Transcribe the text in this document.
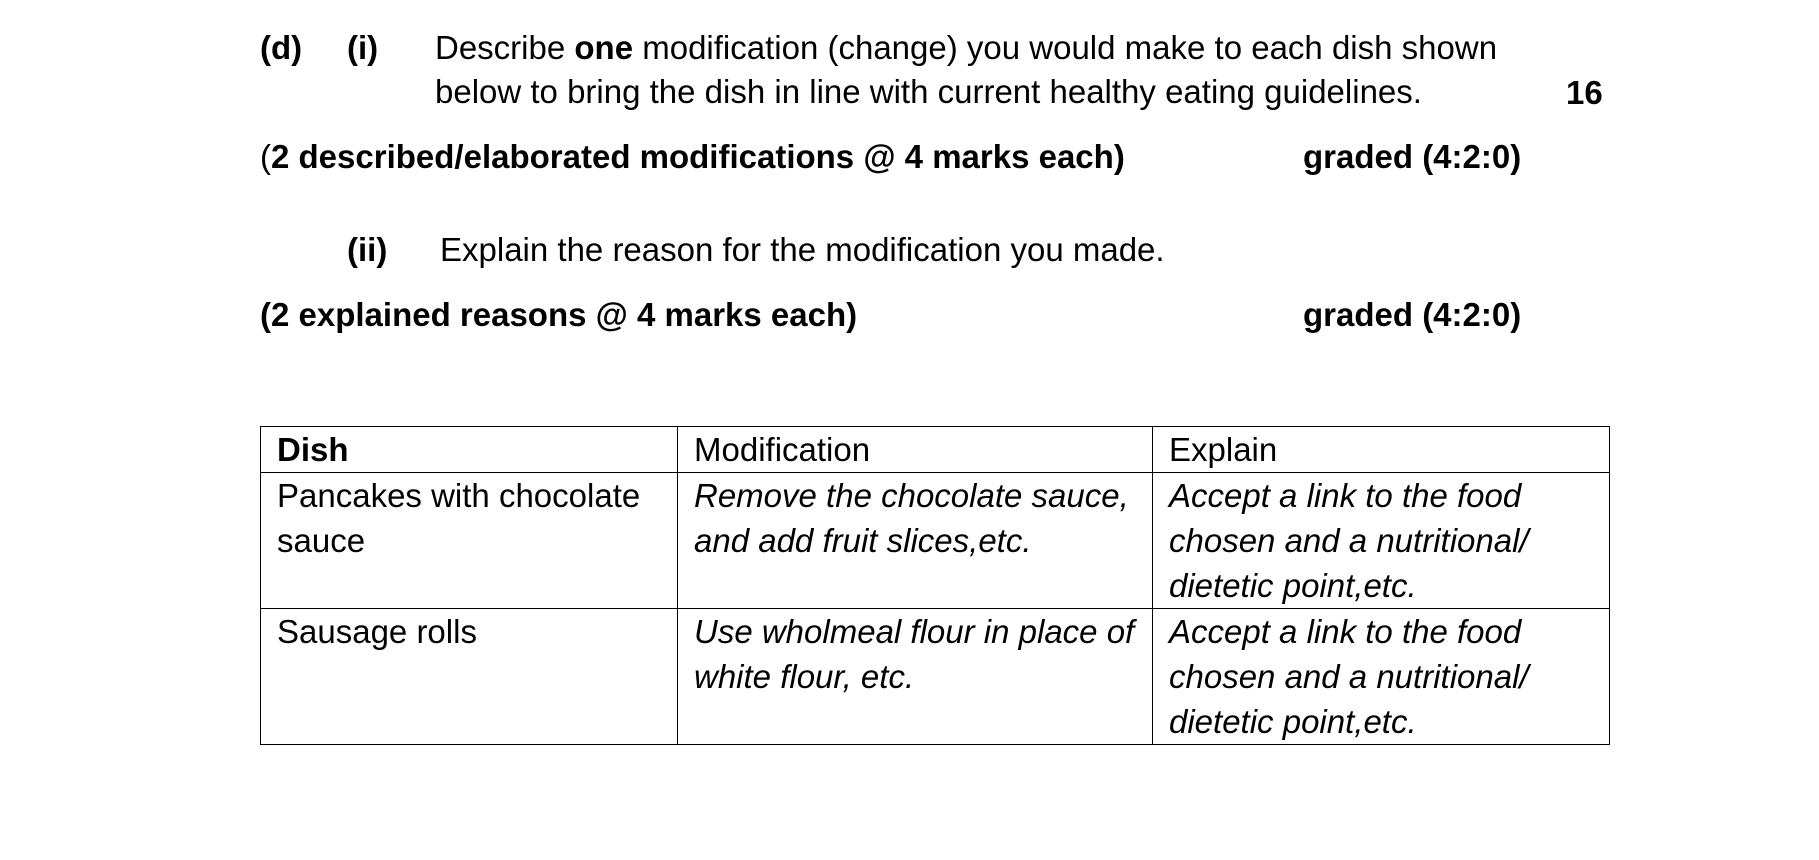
(d) (i) Describe one modification (change) you would make to each dish shown below to bring the dish in line with current healthy eating guidelines.	16
(2 described/elaborated modifications @ 4 marks each)	graded (4:2:0)
(ii) Explain the reason for the modification you made.
(2 explained reasons @ 4 marks each)	graded (4:2:0)
Dish	Modification	Explain
Pancakes with chocolate sauce	Remove the chocolate sauce, and add fruit slices,etc.	Accept a link to the food chosen and a nutritional/ dietetic point,etc.
Sausage rolls	Use wholmeal flour in place of white flour, etc.	Accept a link to the food chosen and a nutritional/ dietetic point,etc.
